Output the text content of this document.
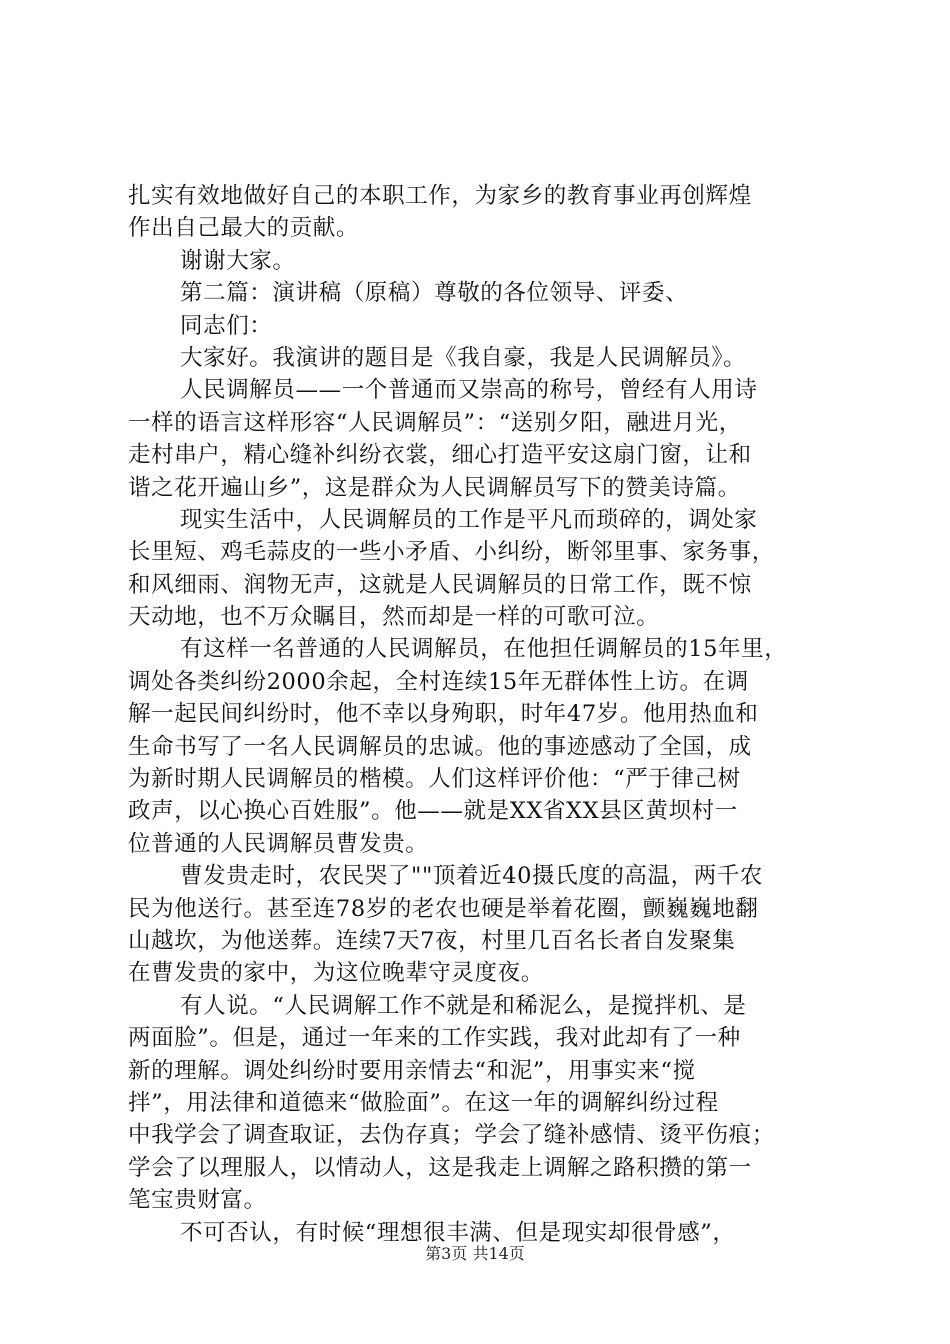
扎实有效地做好自己的本职工作，为家乡的教育事业再创辉煌
作出自己最大的贡献。
谢谢大家。
第二篇：演讲稿（原稿）尊敬的各位领导、评委、
同志们：
大家好。我演讲的题目是《我自豪，我是人民调解员》。
人民调解员——一个普通而又崇高的称号，曾经有人用诗
一样的语言这样形容“人民调解员”：“送别夕阳，融进月光，
走村串户，精心缝补纠纷衣裳，细心打造平安这扇门窗，让和
谐之花开遍山乡”，这是群众为人民调解员写下的赞美诗篇。
现实生活中，人民调解员的工作是平凡而琐碎的，调处家
长里短、鸡毛蒜皮的一些小矛盾、小纠纷，断邻里事、家务事，
和风细雨、润物无声，这就是人民调解员的日常工作，既不惊
天动地，也不万众瞩目，然而却是一样的可歌可泣。
有这样一名普通的人民调解员，在他担任调解员的15年里，
调处各类纠纷2000余起，全村连续15年无群体性上访。在调
解一起民间纠纷时，他不幸以身殉职，时年47岁。他用热血和
生命书写了一名人民调解员的忠诚。他的事迹感动了全国，成
为新时期人民调解员的楷模。人们这样评价他：“严于律己树
政声，以心换心百姓服”。他——就是XX省XX县区黄坝村一
位普通的人民调解员曹发贵。
曹发贵走时，农民哭了""顶着近40摄氏度的高温，两千农
民为他送行。甚至连78岁的老农也硬是举着花圈，颤巍巍地翻
山越坎，为他送葬。连续7天7夜，村里几百名长者自发聚集
在曹发贵的家中，为这位晚辈守灵度夜。
有人说。“人民调解工作不就是和稀泥么，是搅拌机、是
两面脸”。但是，通过一年来的工作实践，我对此却有了一种
新的理解。调处纠纷时要用亲情去“和泥”，用事实来“搅
拌”，用法律和道德来“做脸面”。在这一年的调解纠纷过程
中我学会了调查取证，去伪存真；学会了缝补感情、烫平伤痕；
学会了以理服人，以情动人，这是我走上调解之路积攒的第一
笔宝贵财富。
不可否认，有时候“理想很丰满、但是现实却很骨感”，
第3页 共14页
